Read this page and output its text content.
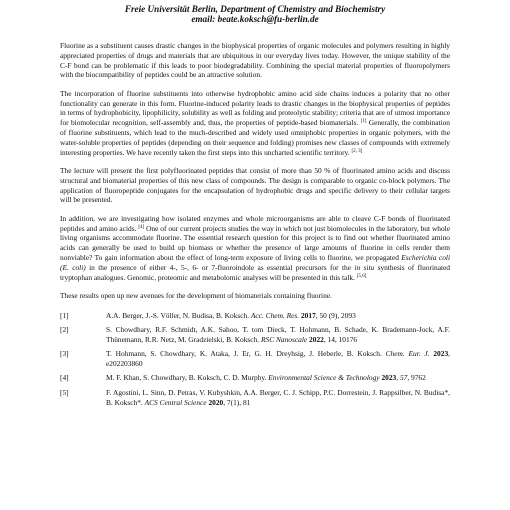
Freie Universität Berlin, Department of Chemistry and Biochemistry
email: beate.koksch@fu-berlin.de

Fluorine as a substituent causes drastic changes in the biophysical properties of organic molecules and polymers resulting in highly appreciated properties of drugs and materials that are ubiquitous in our everyday lives today. However, the unique stability of the C-F bond can be problematic if this leads to poor biodegradability. Combining the special material properties of fluoropolymers with the biocompatibility of peptides could be an attractive solution.

The incorporation of fluorine substituents into otherwise hydrophobic amino acid side chains induces a polarity that no other functionality can generate in this form. Fluorine-induced polarity leads to drastic changes in the biophysical properties of peptides in terms of hydrophobicity, lipophilicity, solubility as well as folding and proteolytic stability; criteria that are of utmost importance for biomolecular recognition, self-assembly and, thus, the properties of peptide-based biomaterials. [1] Generally, the combination of fluorine substituents, which lead to the much-described and widely used omniphobic properties in organic polymers, with the water-soluble properties of peptides (depending on their sequence and folding) promises new classes of compounds with extremely interesting properties. We have recently taken the first steps into this uncharted scientific territory. [2, 3]

The lecture will present the first polyfluorinated peptides that consist of more than 50 % of fluorinated amino acids and discuss structural and biomaterial properties of this new class of compounds. The design is comparable to organic co-block polymers. The application of fluoropeptide conjugates for the encapsulation of hydrophobic drugs and specific delivery to their cellular targets will be presented.

In addition, we are investigating how isolated enzymes and whole microorganisms are able to cleave C-F bonds of fluorinated peptides and amino acids. [4] One of our current projects studies the way in which not just biomolecules in the laboratory, but whole living organisms accommodate fluorine. The essential research question for this project is to find out whether fluorinated amino acids can generally be used to build up biomass or whether the presence of large amounts of fluorine in cells render them nonviable? To gain information about the effect of long-term exposure of living cells to fluorine, we propagated Escherichia coli (E. coli) in the presence of either 4-, 5-, 6- or 7-fluoroindole as essential precursors for the in situ synthesis of fluorinated tryptophan analogues. Genomic, proteomic and metabolomic analyses will be presented in this talk. [5,6]

These results open up new avenues for the development of biomaterials containing fluorine.

[1]	A.A. Berger, J.-S. Völler, N. Budisa, B. Koksch. Acc. Chem. Res. 2017, 50 (9), 2093
[2]	S. Chowdhary, R.F. Schmidt, A.K. Sahoo, T. tom Dieck, T. Hohmann, B. Schade, K. Brademann-Jock, A.F. Thünemann, R.R. Netz, M. Gradzielski, B. Koksch. RSC Nanoscale 2022, 14, 10176
[3]	T. Hohmann, S. Chowdhary, K. Ataka, J. Er, G. H. Dreyhsig, J. Heberle, B. Koksch. Chem. Eur. J. 2023, e202203860
[4]	M. F. Khan, S. Chowdhary, B. Koksch, C. D. Murphy. Environmental Science & Technology 2023, 57, 9762
[5]	F. Agostini, L. Sinn, D. Petras, V. Kubyshkin, A.A. Berger, C. J. Schipp, P.C. Dorrestein, J. Rappsilber, N. Budisa*, B. Koksch*. ACS Central Science 2020, 7(1), 81
